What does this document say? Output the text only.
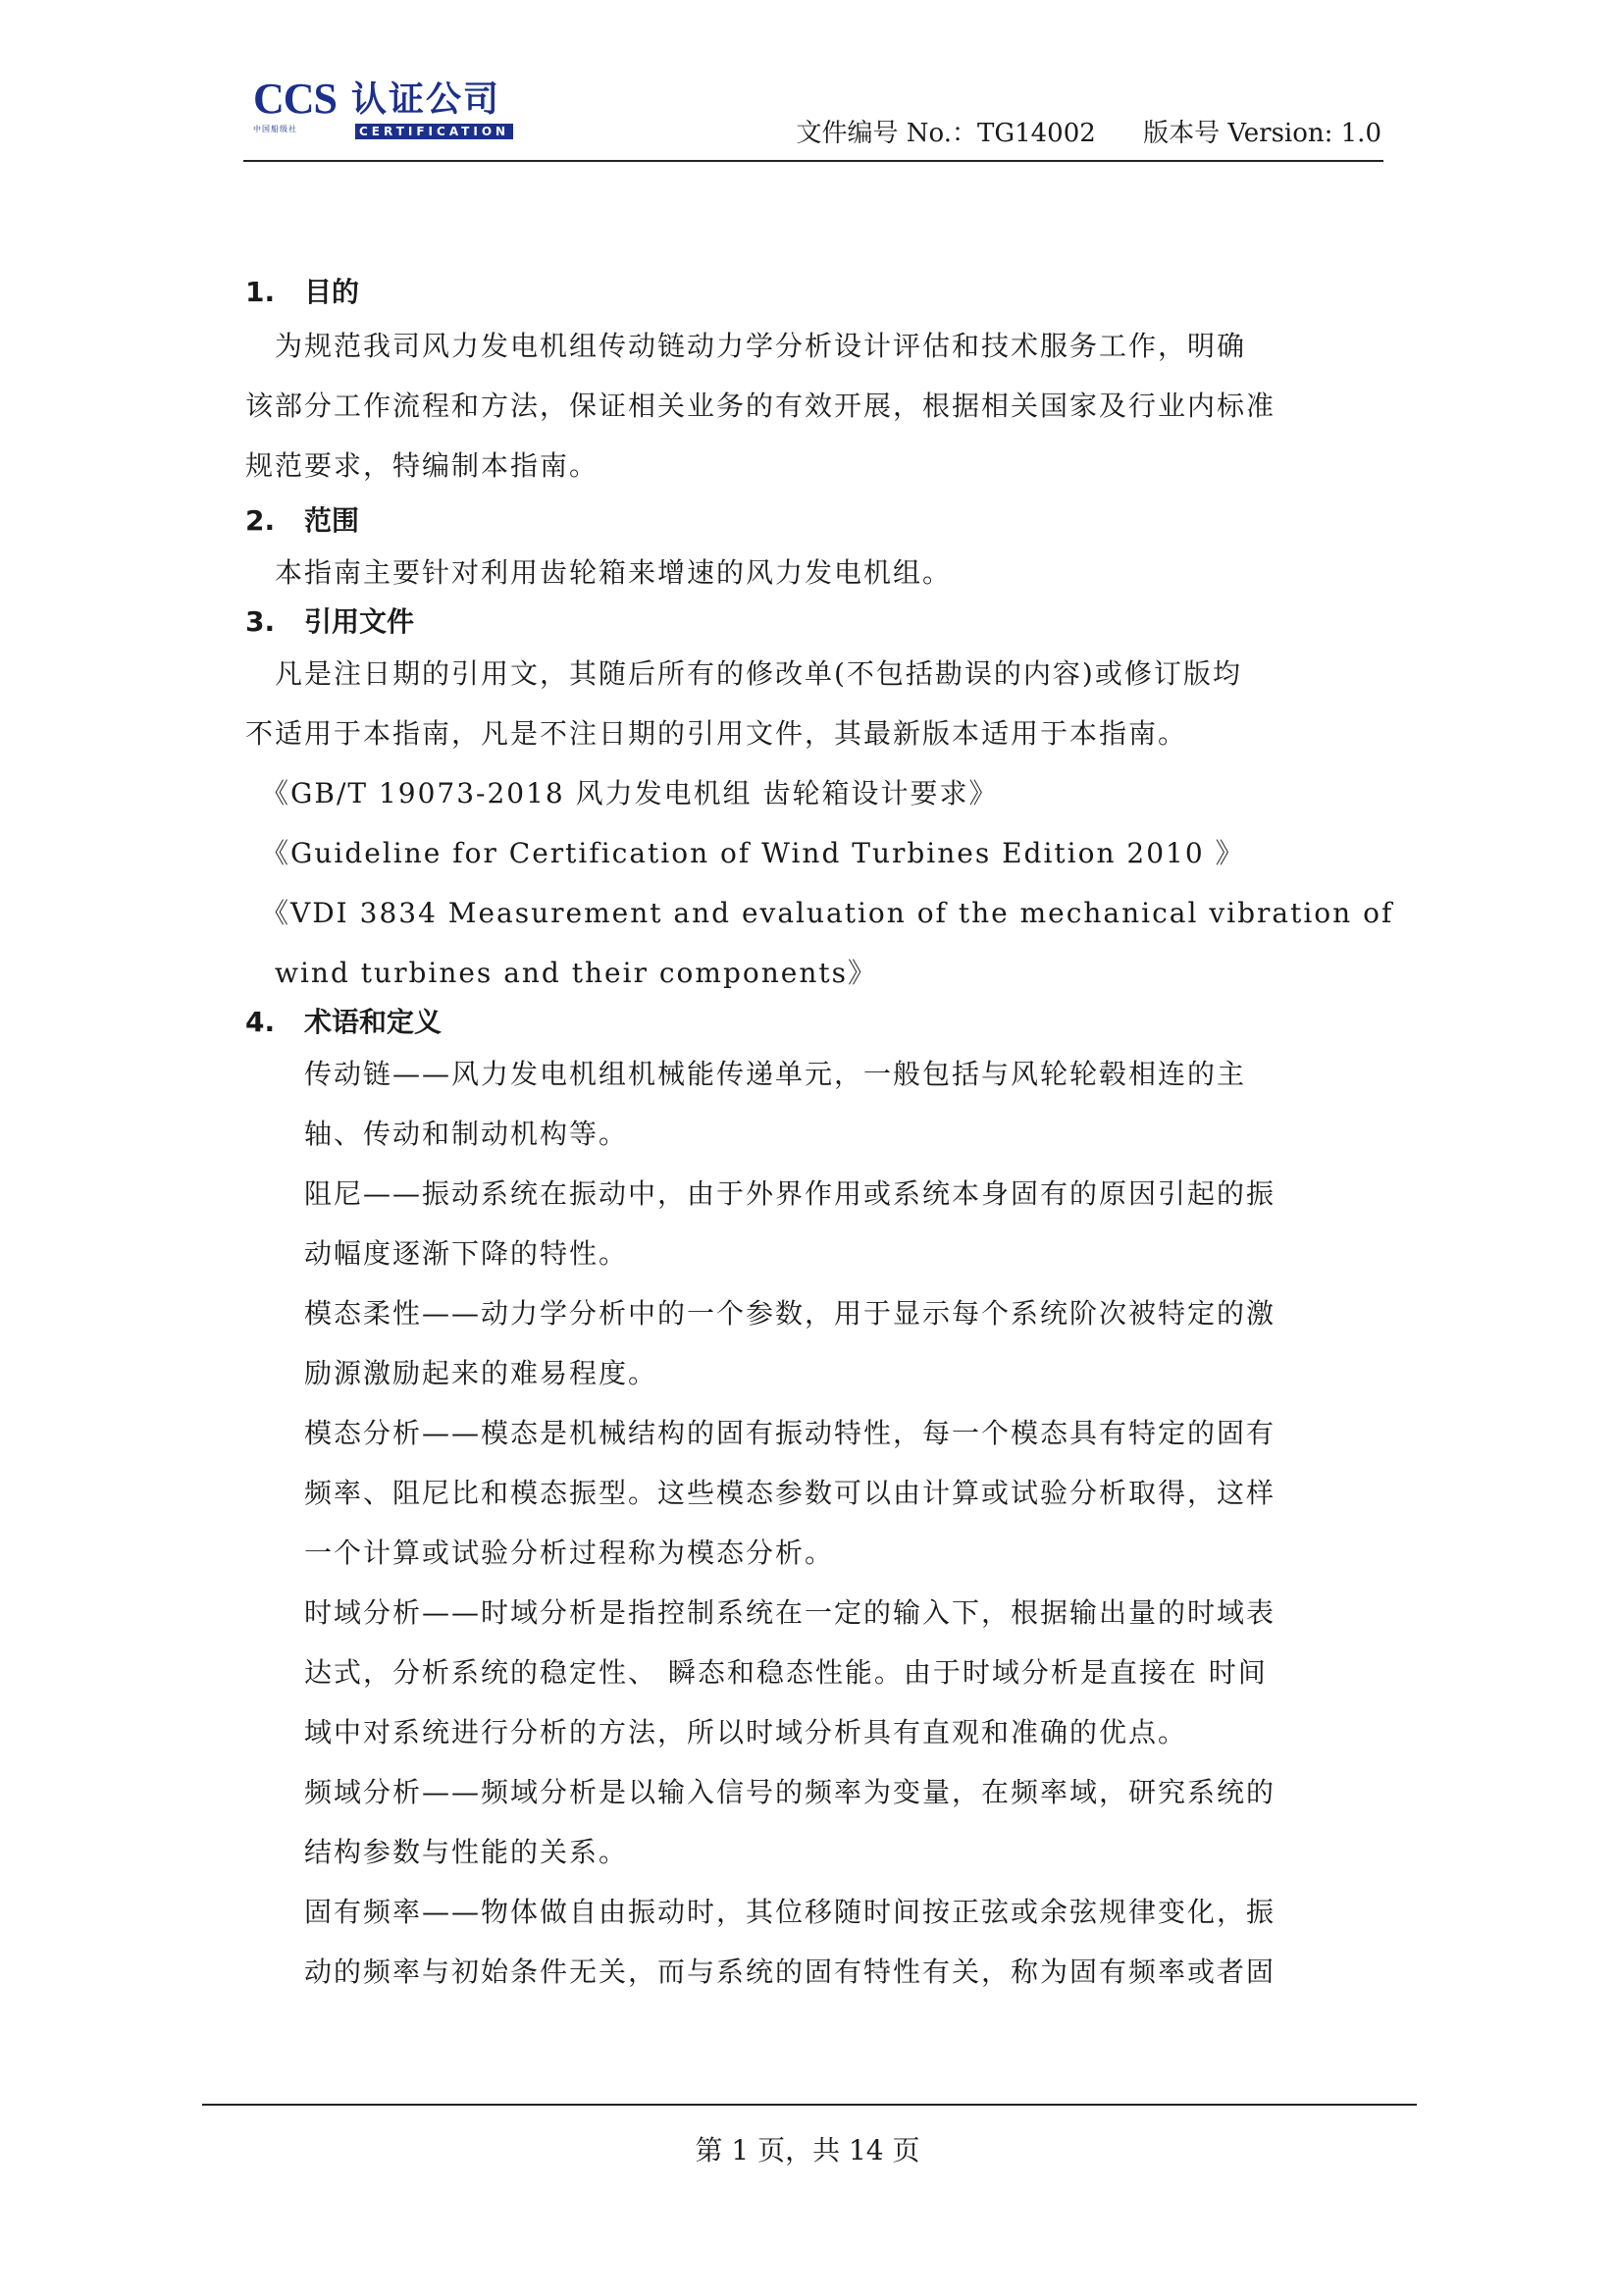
CCS 认证公司
中国船级社	CERTIFICATION	文件编号 No.：TG14002 版本号 Version: 1.0
1. 目的
　为规范我司风力发电机组传动链动力学分析设计评估和技术服务工作，明确
该部分工作流程和方法，保证相关业务的有效开展，根据相关国家及行业内标准
规范要求，特编制本指南。
2. 范围
　本指南主要针对利用齿轮箱来增速的风力发电机组。
3. 引用文件
　凡是注日期的引用文，其随后所有的修改单(不包括勘误的内容)或修订版均
不适用于本指南，凡是不注日期的引用文件，其最新版本适用于本指南。
　《GB/T 19073-2018 风力发电机组 齿轮箱设计要求》
　《Guideline for Certification of Wind Turbines Edition 2010 》
　《VDI 3834 Measurement and evaluation of the mechanical vibration of
　wind turbines and their components》
4. 术语和定义
传动链——风力发电机组机械能传递单元，一般包括与风轮轮毂相连的主
轴、传动和制动机构等。
阻尼——振动系统在振动中，由于外界作用或系统本身固有的原因引起的振
动幅度逐渐下降的特性。
模态柔性——动力学分析中的一个参数，用于显示每个系统阶次被特定的激
励源激励起来的难易程度。
模态分析——模态是机械结构的固有振动特性，每一个模态具有特定的固有
频率、阻尼比和模态振型。这些模态参数可以由计算或试验分析取得，这样
一个计算或试验分析过程称为模态分析。
时域分析——时域分析是指控制系统在一定的输入下，根据输出量的时域表
达式，分析系统的稳定性、 瞬态和稳态性能。由于时域分析是直接在 时间
域中对系统进行分析的方法，所以时域分析具有直观和准确的优点。
频域分析——频域分析是以输入信号的频率为变量，在频率域，研究系统的
结构参数与性能的关系。
固有频率——物体做自由振动时，其位移随时间按正弦或余弦规律变化，振
动的频率与初始条件无关，而与系统的固有特性有关，称为固有频率或者固
第 1 页，共 14 页
